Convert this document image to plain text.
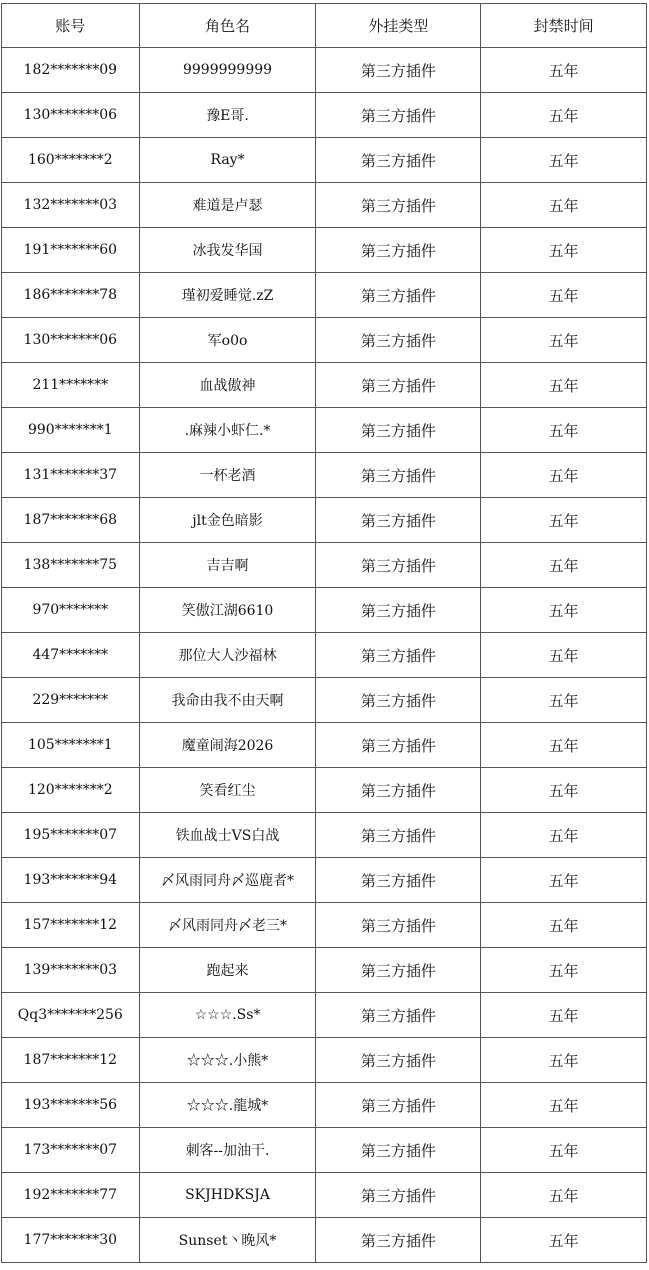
账号	角色名	外挂类型	封禁时间
182*******09	9999999999	第三方插件	五年
130*******06	豫E哥.	第三方插件	五年
160*******2	Ray*	第三方插件	五年
132*******03	难道是卢瑟	第三方插件	五年
191*******60	冰我发华国	第三方插件	五年
186*******78	瑾初爱睡觉.zZ	第三方插件	五年
130*******06	军o0o	第三方插件	五年
211*******	血战傲神	第三方插件	五年
990*******1	.麻辣小虾仁.*	第三方插件	五年
131*******37	一杯老酒	第三方插件	五年
187*******68	jlt金色暗影	第三方插件	五年
138*******75	吉吉啊	第三方插件	五年
970*******	笑傲江湖6610	第三方插件	五年
447*******	那位大人沙福林	第三方插件	五年
229*******	我命由我不由天啊	第三方插件	五年
105*******1	魔童闹海2026	第三方插件	五年
120*******2	笑看红尘	第三方插件	五年
195*******07	铁血战士VS白战	第三方插件	五年
193*******94	〆风雨同舟〆巡鹿者*	第三方插件	五年
157*******12	〆风雨同舟〆老三*	第三方插件	五年
139*******03	跑起来	第三方插件	五年
Qq3*******256	☆☆☆.Ss*	第三方插件	五年
187*******12	☆☆☆.小熊*	第三方插件	五年
193*******56	☆☆☆.龍城*	第三方插件	五年
173*******07	刺客--加油干.	第三方插件	五年
192*******77	SKJHDKSJA	第三方插件	五年
177*******30	Sunset丶晚风*	第三方插件	五年
